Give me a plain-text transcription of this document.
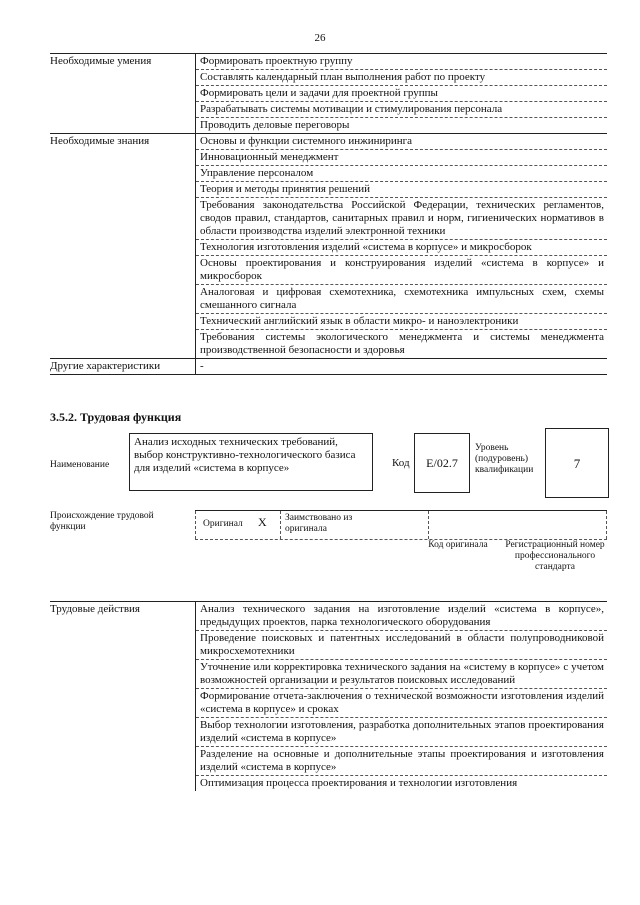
26
Необходимые умения	Формировать проектную группу
	Составлять календарный план выполнения работ по проекту
	Формировать цели и задачи для проектной группы
	Разрабатывать системы мотивации и стимулирования персонала
	Проводить деловые переговоры
Необходимые знания	Основы и функции системного инжиниринга
	Инновационный менеджмент
	Управление персоналом
	Теория и методы принятия решений
	Требования законодательства Российской Федерации, технических регламентов, сводов правил, стандартов, санитарных правил и норм, гигиенических нормативов в области производства изделий электронной техники
	Технология изготовления изделий «система в корпусе» и микросборок
	Основы проектирования и конструирования изделий «система в корпусе» и микросборок
	Аналоговая и цифровая схемотехника, схемотехника импульсных схем, схемы смешанного сигнала
	Технический английский язык в области микро- и наноэлектроники
	Требования системы экологического менеджмента и системы менеджмента производственной безопасности и здоровья
Другие характеристики	-
3.5.2. Трудовая функция
Наименование
Анализ исходных технических требований, выбор конструктивно-технологического базиса для изделий «система в корпусе»	Код	E/02.7
Уровень (подуровень) квалификации	7
Происхождение трудовой функции	Оригинал X Заимствовано из оригинала
Код оригинала	Регистрационный номер профессионального стандарта
Трудовые действия	Анализ технического задания на изготовление изделий «система в корпусе», предыдущих проектов, парка технологического оборудования
Проведение поисковых и патентных исследований в области полупроводниковой микросхемотехники
Уточнение или корректировка технического задания на «систему в корпусе» с учетом возможностей организации и результатов поисковых исследований
Формирование отчета-заключения о технической возможности изготовления изделий «система в корпусе» и сроках
Выбор технологии изготовления, разработка дополнительных этапов проектирования изделий «система в корпусе»
Разделение на основные и дополнительные этапы проектирования и изготовления изделий «система в корпусе»
Оптимизация процесса проектирования и технологии изготовления
